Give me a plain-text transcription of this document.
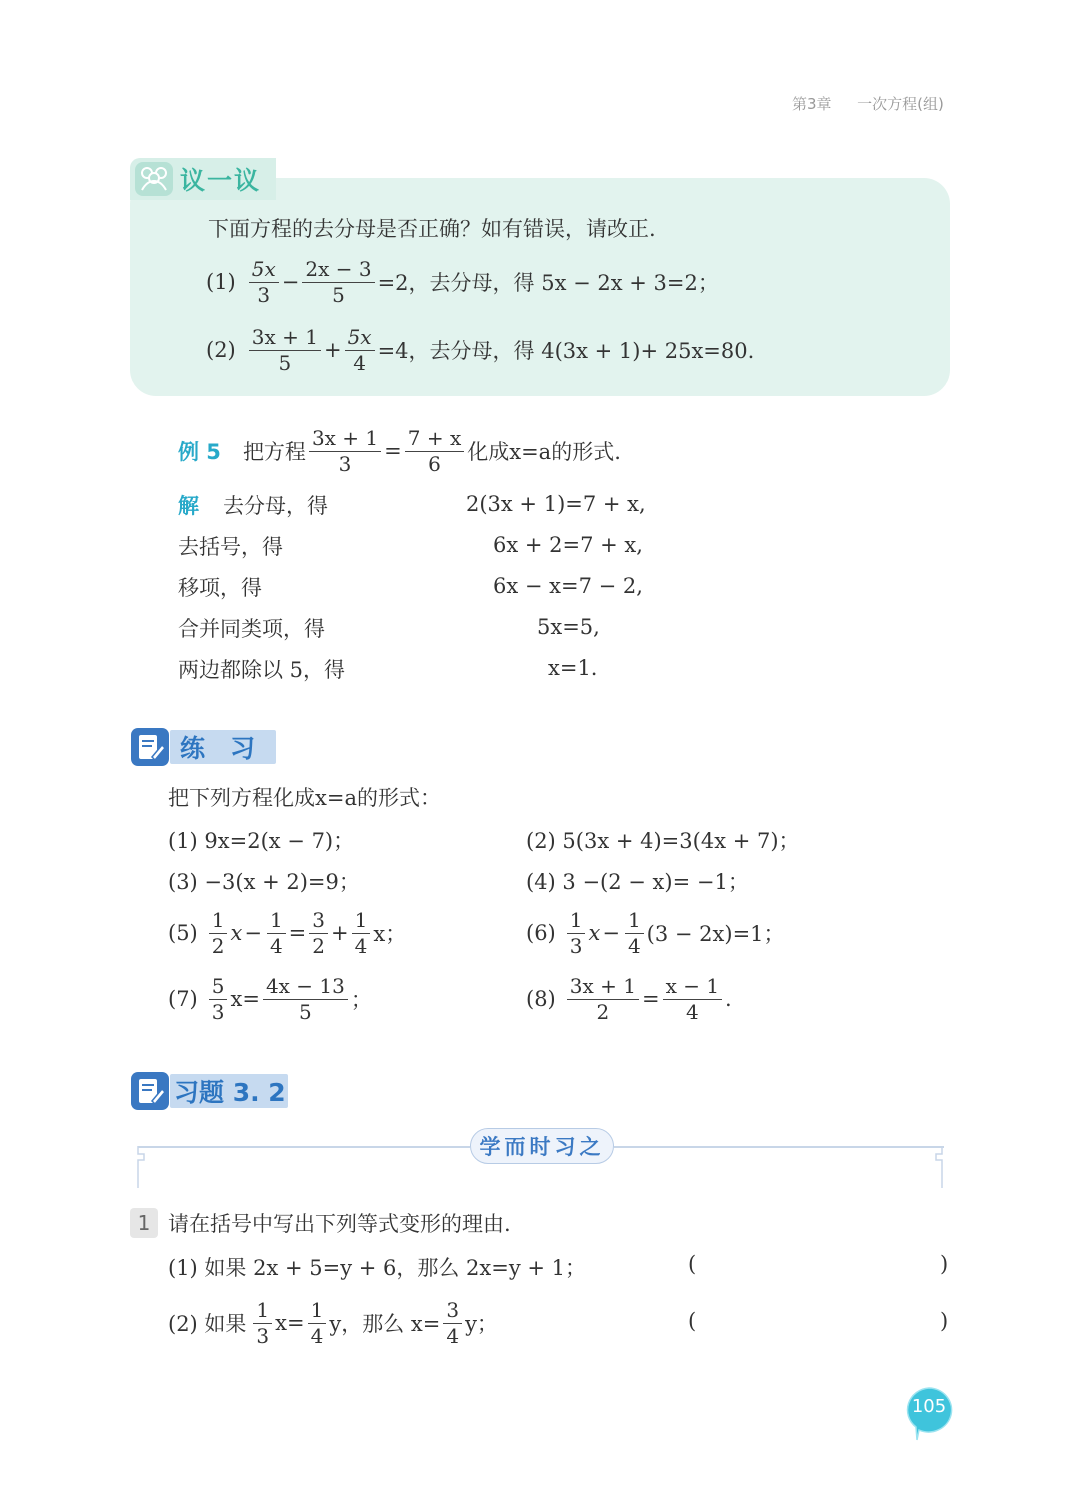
第3章 一次方程(组)
议一议
下面方程的去分母是否正确？如有错误，请改正.
$(1) \frac{5x}{3} - \frac{2x - 3}{5} =2$，去分母，得 5x − 2x + 3=2；
$(2) \frac{3x + 1}{5} + \frac{5x}{4} =4$，去分母，得 4(3x + 1)+ 25x=80.
例 5 把方程 $\frac{3x + 1}{3} = \frac{7 + x}{6}$ 化成x=a的形式.
解 去分母，得	2(3x + 1)=7 + x,
去括号，得	6x + 2=7 + x,
移项，得	6x − x=7 − 2,
合并同类项，得	5x=5,
两边都除以 5，得	x=1.
练　习
把下列方程化成x=a的形式：
(1) 9x=2(x − 7)；	(2) 5(3x + 4)=3(4x + 7)；
(3) −3(x + 2)=9；	(4) 3 −(2 − x)= −1；
$(5) \frac{1}{2}$ $x - \frac{1}{4} = \frac{3}{2} + \frac{1}{4}$ x；	$(6) \frac{1}{3}$ $x - \frac{1}{4} (3 - 2x)=1$；
$(7) \frac{5}{3} x= \frac{4x - 13}{5}$ ；	$(8) \frac{3x + 1}{2} = \frac{x - 1}{4}$ .
习题 3. 2
学而时习之
1 请在括号中写出下列等式变形的理由.
(1) 如果 2x + 5=y + 6，那么 2x=y + 1；	(	)
(2) 如果 $\frac{1}{3} x= \frac{1}{4}$ y，那么 $x= \frac{3}{4}$ y；	(	)
105
